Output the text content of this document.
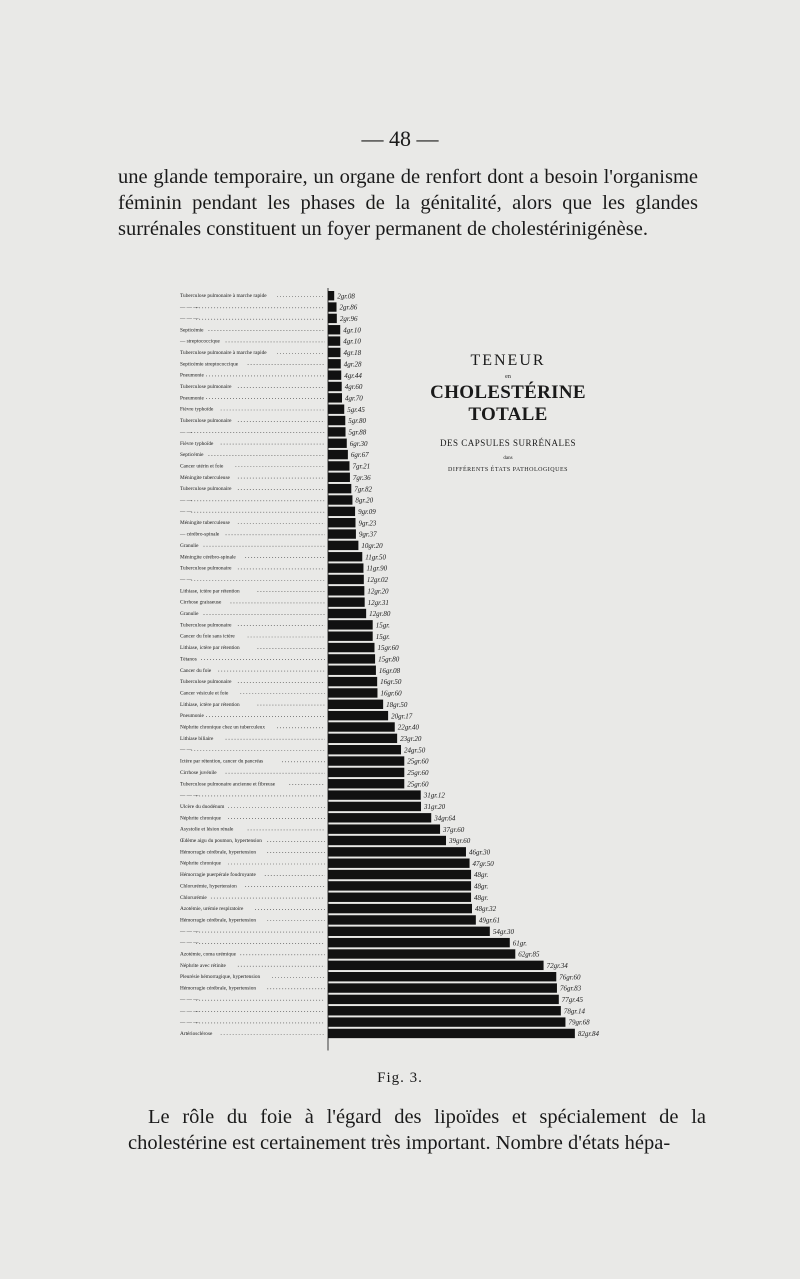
— 48 —

une glande temporaire, un organe de renfort dont a besoin l'organisme féminin pendant les phases de la génitalité, alors que les glandes surrénales constituent un foyer permanent de cholestérinigénèse.

Tuberculose pulmonaire à marche rapide	2gr.08
— — —	2gr.86
— — —	2gr.96
Septicémie	4gr.10
— streptococcique	4gr.10
Tuberculose pulmonaire à marche rapide	4gr.18
Septicémie streptococcique	4gr.28
Pneumonie	4gr.44
Tuberculose pulmonaire	4gr.60
Pneumonie	4gr.70
Fièvre typhoïde	5gr.45
Tuberculose pulmonaire	5gr.80
— —	5gr.88
Fièvre typhoïde	6gr.30
Septicémie	6gr.67
Cancer utérin et foie	7gr.21
Méningite tuberculeuse	7gr.36
Tuberculose pulmonaire	7gr.82
— —	8gr.20
— —	9gr.09
Méningite tuberculeuse	9gr.23
— cérébro-spinale	9gr.37
Granulie	10gr.20
Méningite cérébro-spinale	11gr.50
Tuberculose pulmonaire	11gr.90
— —	12gr.02
Lithiase, ictère par rétention	12gr.20
Cirrhose graisseuse	12gr.31
Granulie	12gr.80
Tuberculose pulmonaire	15gr.
Cancer du foie sans ictère	15gr.
Lithiase, ictère par rétention	15gr.60
Tétanos	15gr.80
Cancer du foie	16gr.08
Tuberculose pulmonaire	16gr.50
Cancer vésicule et foie	16gr.60
Lithiase, ictère par rétention	18gr.50
Pneumonie	20gr.17
Néphrite chronique chez un tuberculeux	22gr.40
Lithiase biliaire	23gr.20
— —	24gr.50
Ictère par rétention, cancer du pancréas	25gr.60
Cirrhose juvénile	25gr.60
Tuberculose pulmonaire ancienne et fibreuse	25gr.60
— — —	31gr.12
Ulcère du duodénum	31gr.20
Néphrite chronique	34gr.64
Asystolie et lésion rénale	37gr.60
Œdème aigu du poumon, hypertension	39gr.60
Hémorragie cérébrale, hypertension	46gr.30
Néphrite chronique	47gr.50
Hémorragie puerpérale foudroyante	48gr.
Chlorurémie, hypertension	48gr.
Chlorurémie	48gr.
Azotémie, urémie respiratoire	48gr.32
Hémorragie cérébrale, hypertension	49gr.61
— — —	54gr.30
— — —	61gr.
Azotémie, coma urémique	62gr.85
Néphrite avec rétinite	72gr.34
Pleurésie hémorragique, hypertension	76gr.60
Hémorragie cérébrale, hypertension	76gr.83
— — —	77gr.45
— — —	78gr.14
— — —	79gr.68
Artériosclérose	82gr.84
TENEUR
en
CHOLESTÉRINE TOTALE
DES CAPSULES SURRÉNALES
dans
DIFFÉRENTS ÉTATS PATHOLOGIQUES
Fig. 3.

Le rôle du foie à l'égard des lipoïdes et spécialement de la cholestérine est certainement très important. Nombre d'états hépa-
